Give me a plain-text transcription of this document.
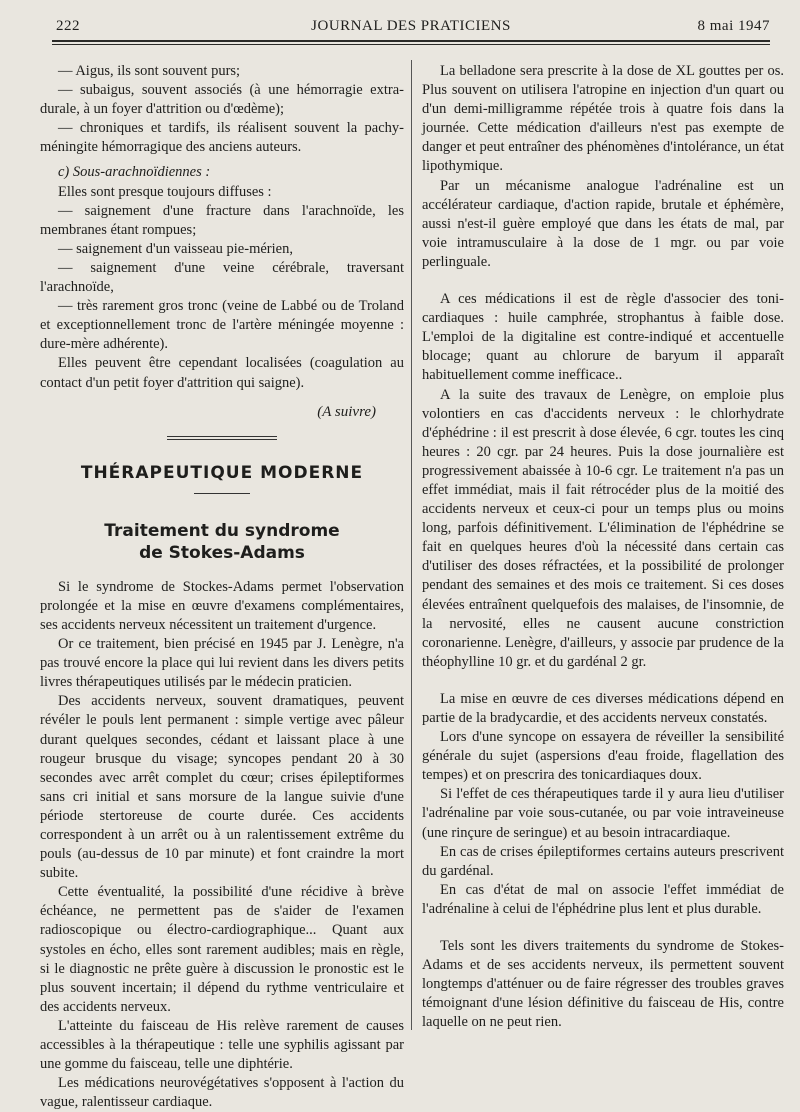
222	JOURNAL DES PRATICIENS	8 mai 1947

— Aigus, ils sont souvent purs;

— subaigus, souvent associés (à une hémorragie extra-durale, à un foyer d'attrition ou d'œdème);

— chroniques et tardifs, ils réalisent souvent la pachy-méningite hémorragique des anciens auteurs.

c) Sous-arachnoïdiennes :

Elles sont presque toujours diffuses :

— saignement d'une fracture dans l'arachnoïde, les membranes étant rompues;

— saignement d'un vaisseau pie-mérien,

— saignement d'une veine cérébrale, traversant l'arachnoïde,

— très rarement gros tronc (veine de Labbé ou de Troland et exceptionnellement tronc de l'artère méningée moyenne : dure-mère adhérente).

Elles peuvent être cependant localisées (coagulation au contact d'un petit foyer d'attrition qui saigne).

(A suivre)
THÉRAPEUTIQUE MODERNE
Traitement du syndrome
de Stokes-Adams

Si le syndrome de Stockes-Adams permet l'observation prolongée et la mise en œuvre d'examens complémentaires, ses accidents nerveux nécessitent un traitement d'urgence.

Or ce traitement, bien précisé en 1945 par J. Lenègre, n'a pas trouvé encore la place qui lui revient dans les divers petits livres thérapeutiques utilisés par le médecin praticien.

Des accidents nerveux, souvent dramatiques, peuvent révéler le pouls lent permanent : simple vertige avec pâleur durant quelques secondes, cédant et laissant place à une rougeur brusque du visage; syncopes pendant 20 à 30 secondes avec arrêt complet du cœur; crises épileptiformes sans cri initial et sans morsure de la langue suivie d'une période stertoreuse de courte durée. Ces accidents correspondent à un arrêt ou à un ralentissement extrême du pouls (au-dessus de 10 par minute) et font craindre la mort subite.

Cette éventualité, la possibilité d'une récidive à brève échéance, ne permettent pas de s'aider de l'examen radioscopique ou électro-cardiographique... Quant aux systoles en écho, elles sont rarement audibles; mais en règle, si le diagnostic ne prête guère à discussion le pronostic est le plus souvent incertain; il dépend du rythme ventriculaire et des accidents nerveux.

L'atteinte du faisceau de His relève rarement de causes accessibles à la thérapeutique : telle une syphilis agissant par une gomme du faisceau, telle une diphtérie.

Les médications neurovégétatives s'opposent à l'action du vague, ralentisseur cardiaque.

La belladone sera prescrite à la dose de XL gouttes per os. Plus souvent on utilisera l'atropine en injection d'un quart ou d'un demi-milligramme répétée trois à quatre fois dans la journée. Cette médication d'ailleurs n'est pas exempte de danger et peut entraîner des phénomènes d'intolérance, un état lipothymique.

Par un mécanisme analogue l'adrénaline est un accélérateur cardiaque, d'action rapide, brutale et éphémère, aussi n'est-il guère employé que dans les états de mal, par voie intramusculaire à la dose de 1 mgr. ou par voie perlinguale.

A ces médications il est de règle d'associer des toni-cardiaques : huile camphrée, strophantus à faible dose. L'emploi de la digitaline est contre-indiqué et accentuelle blocage; quant au chlorure de baryum il apparaît habituellement comme inefficace..

A la suite des travaux de Lenègre, on emploie plus volontiers en cas d'accidents nerveux : le chlorhydrate d'éphédrine : il est prescrit à dose élevée, 6 cgr. toutes les cinq heures : 20 cgr. par 24 heures. Puis la dose journalière est progressivement abaissée à 10-6 cgr. Le traitement n'a pas un effet immédiat, mais il fait rétrocéder plus de la moitié des accidents nerveux et ceux-ci pour un temps plus ou moins long, parfois définitivement. L'élimination de l'éphédrine se fait en quelques heures d'où la nécessité dans certain cas d'utiliser des doses réfractées, et la possibilité de prolonger pendant des semaines et des mois ce traitement. Si ces doses élevées entraînent quelquefois des malaises, de l'insomnie, de la nervosité, elles ne causent aucune constriction coronarienne. Lenègre, d'ailleurs, y associe par prudence de la théophylline 10 gr. et du gardénal 2 gr.

La mise en œuvre de ces diverses médications dépend en partie de la bradycardie, et des accidents nerveux constatés.

Lors d'une syncope on essayera de réveiller la sensibilité générale du sujet (aspersions d'eau froide, flagellation des tempes) et on prescrira des tonicardiaques doux.

Si l'effet de ces thérapeutiques tarde il y aura lieu d'utiliser l'adrénaline par voie sous-cutanée, ou par voie intraveineuse (une rinçure de seringue) et au besoin intracardiaque.

En cas de crises épileptiformes certains auteurs prescrivent du gardénal.

En cas d'état de mal on associe l'effet immédiat de l'adrénaline à celui de l'éphédrine plus lent et plus durable.

Tels sont les divers traitements du syndrome de Stokes-Adams et de ses accidents nerveux, ils permettent souvent longtemps d'atténuer ou de faire régresser des troubles graves témoignant d'une lésion définitive du faisceau de His, contre laquelle on ne peut rien.
